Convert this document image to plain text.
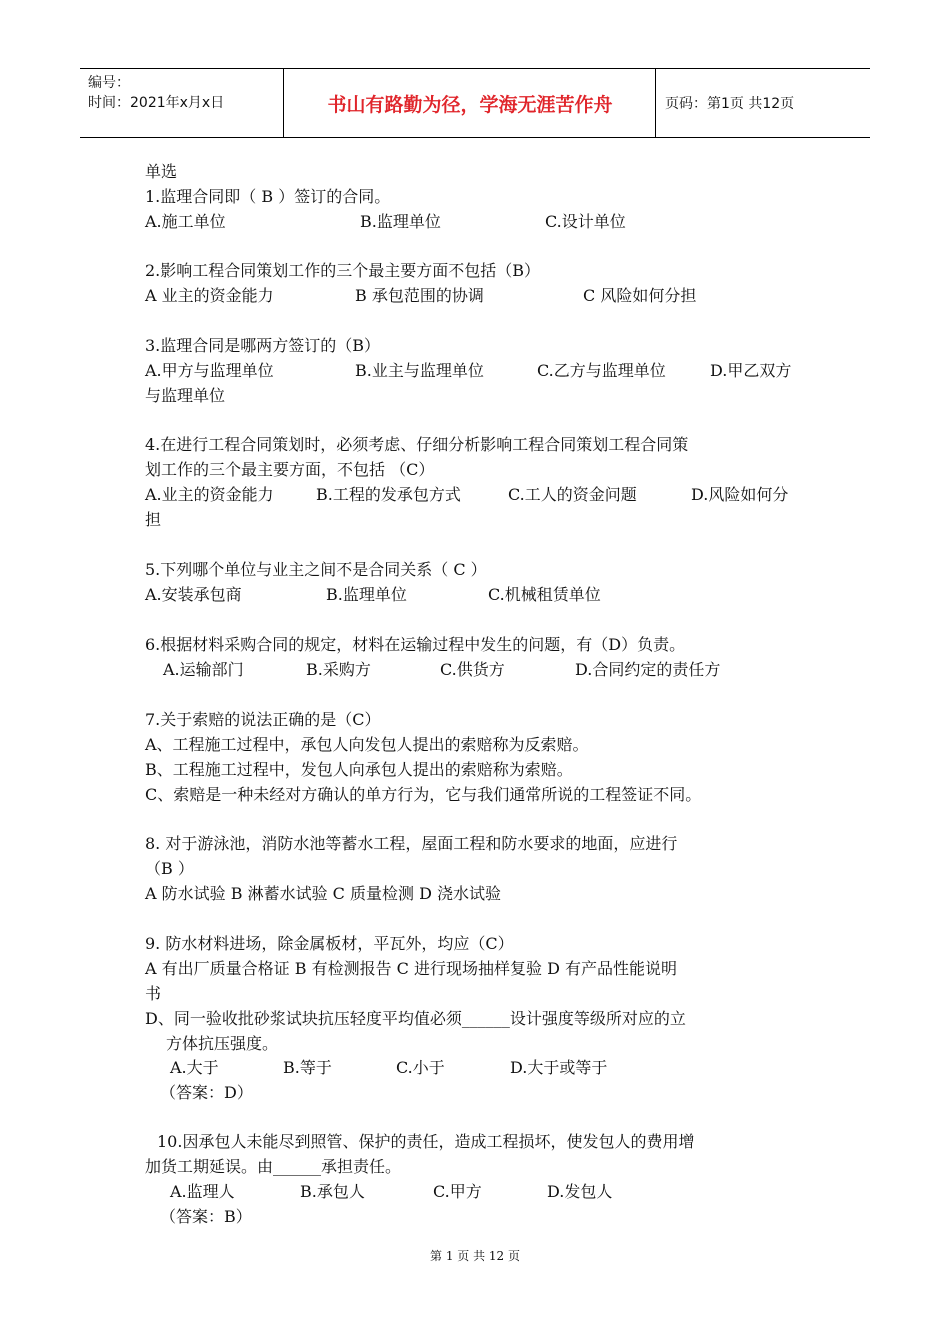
编号：
时间：2021年x月x日	书山有路勤为径，学海无涯苦作舟	页码：第1页 共12页
单选
1.监理合同即（ B ）签订的合同。
A.施工单位	B.监理单位	C.设计单位
2.影响工程合同策划工作的三个最主要方面不包括（B）
A 业主的资金能力	B 承包范围的协调	C 风险如何分担
3.监理合同是哪两方签订的（B）
A.甲方与监理单位	B.业主与监理单位	C.乙方与监理单位	D.甲乙双方
与监理单位
4.在进行工程合同策划时，必须考虑、仔细分析影响工程合同策划工程合同策
划工作的三个最主要方面，不包括 （C）
A.业主的资金能力	B.工程的发承包方式	C.工人的资金问题	D.风险如何分
担
5.下列哪个单位与业主之间不是合同关系（ C ）
A.安装承包商	B.监理单位	C.机械租赁单位
6.根据材料采购合同的规定，材料在运输过程中发生的问题，有（D）负责。
A.运输部门	B.采购方	C.供货方	D.合同约定的责任方
7.关于索赔的说法正确的是（C）
A、工程施工过程中，承包人向发包人提出的索赔称为反索赔。
B、工程施工过程中，发包人向承包人提出的索赔称为索赔。
C、索赔是一种未经对方确认的单方行为，它与我们通常所说的工程签证不同。
8. 对于游泳池，消防水池等蓄水工程，屋面工程和防水要求的地面，应进行
（B ）
A 防水试验 B 淋蓄水试验 C 质量检测 D 浇水试验
9. 防水材料进场，除金属板材，平瓦外，均应（C）
A 有出厂质量合格证 B 有检测报告 C 进行现场抽样复验 D 有产品性能说明
书
D、同一验收批砂浆试块抗压轻度平均值必须______设计强度等级所对应的立
方体抗压强度。
A.大于	B.等于	C.小于	D.大于或等于
（答案：D）
10.因承包人未能尽到照管、保护的责任，造成工程损坏，使发包人的费用增
加货工期延误。由______承担责任。
A.监理人	B.承包人	C.甲方	D.发包人
（答案：B）
第 1 页 共 12 页
